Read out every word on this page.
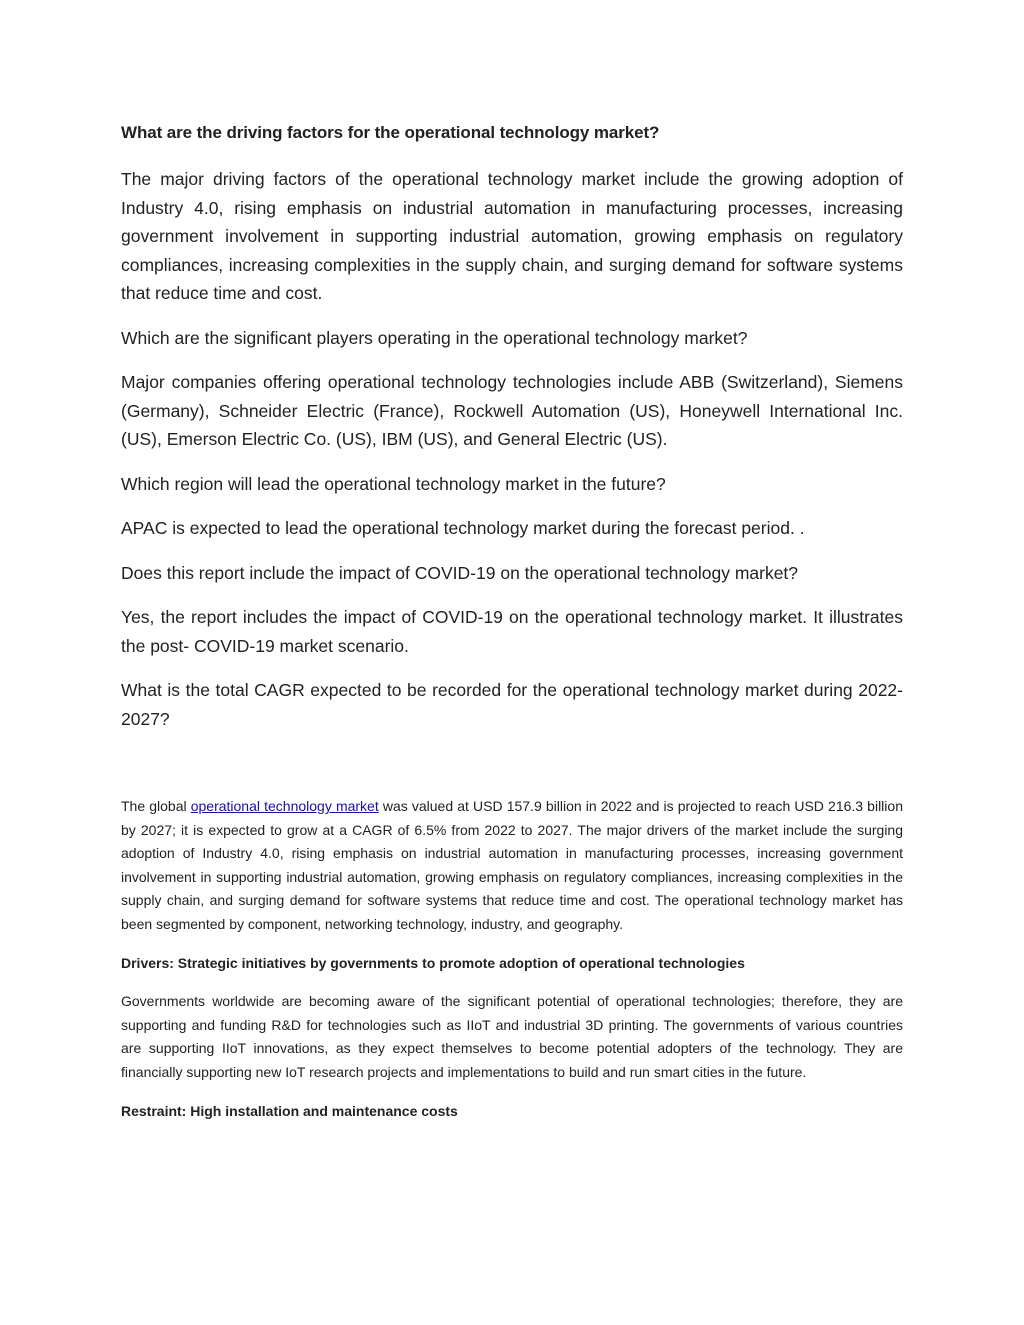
What are the driving factors for the operational technology market?

The major driving factors of the operational technology market include the growing adoption of Industry 4.0, rising emphasis on industrial automation in manufacturing processes, increasing government involvement in supporting industrial automation, growing emphasis on regulatory compliances, increasing complexities in the supply chain, and surging demand for software systems that reduce time and cost.

Which are the significant players operating in the operational technology market?

Major companies offering operational technology technologies include ABB (Switzerland), Siemens (Germany), Schneider Electric (France), Rockwell Automation (US), Honeywell International Inc. (US), Emerson Electric Co. (US), IBM (US), and General Electric (US).

Which region will lead the operational technology market in the future?

APAC is expected to lead the operational technology market during the forecast period. .

Does this report include the impact of COVID-19 on the operational technology market?

Yes, the report includes the impact of COVID-19 on the operational technology market. It illustrates the post- COVID-19 market scenario.

What is the total CAGR expected to be recorded for the operational technology market during 2022-2027?

The global operational technology market was valued at USD 157.9 billion in 2022 and is projected to reach USD 216.3 billion by 2027; it is expected to grow at a CAGR of 6.5% from 2022 to 2027. The major drivers of the market include the surging adoption of Industry 4.0, rising emphasis on industrial automation in manufacturing processes, increasing government involvement in supporting industrial automation, growing emphasis on regulatory compliances, increasing complexities in the supply chain, and surging demand for software systems that reduce time and cost. The operational technology market has been segmented by component, networking technology, industry, and geography.

Drivers: Strategic initiatives by governments to promote adoption of operational technologies

Governments worldwide are becoming aware of the significant potential of operational technologies; therefore, they are supporting and funding R&D for technologies such as IIoT and industrial 3D printing. The governments of various countries are supporting IIoT innovations, as they expect themselves to become potential adopters of the technology. They are financially supporting new IoT research projects and implementations to build and run smart cities in the future.

Restraint: High installation and maintenance costs
